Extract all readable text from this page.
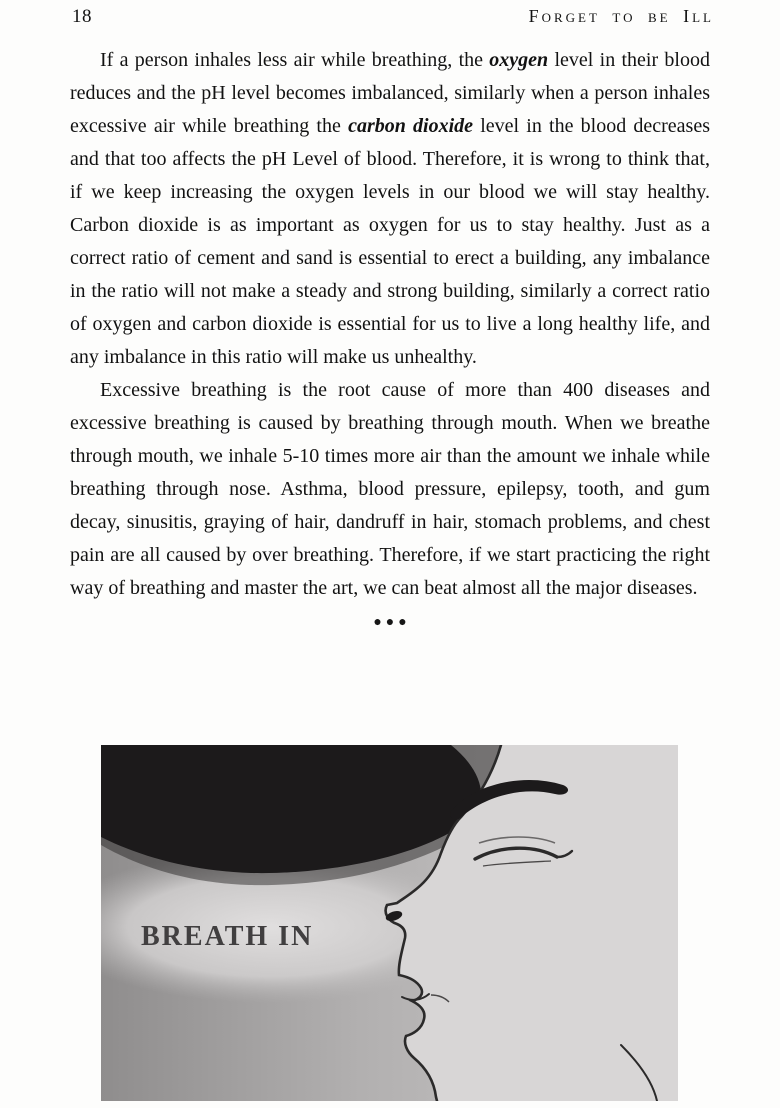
18	Forget to be Ill

If a person inhales less air while breathing, the oxygen level in their blood reduces and the pH level becomes imbalanced, similarly when a person inhales excessive air while breathing the carbon dioxide level in the blood decreases and that too affects the pH Level of blood. Therefore, it is wrong to think that, if we keep increasing the oxygen levels in our blood we will stay healthy. Carbon dioxide is as important as oxygen for us to stay healthy. Just as a correct ratio of cement and sand is essential to erect a building, any imbalance in the ratio will not make a steady and strong building, similarly a correct ratio of oxygen and carbon dioxide is essential for us to live a long healthy life, and any imbalance in this ratio will make us unhealthy.

Excessive breathing is the root cause of more than 400 diseases and excessive breathing is caused by breathing through mouth. When we breathe through mouth, we inhale 5-10 times more air than the amount we inhale while breathing through nose. Asthma, blood pressure, epilepsy, tooth, and gum decay, sinusitis, graying of hair, dandruff in hair, stomach problems, and chest pain are all caused by over breathing. Therefore, if we start practicing the right way of breathing and master the art, we can beat almost all the major diseases.

●●●
BREATH IN
